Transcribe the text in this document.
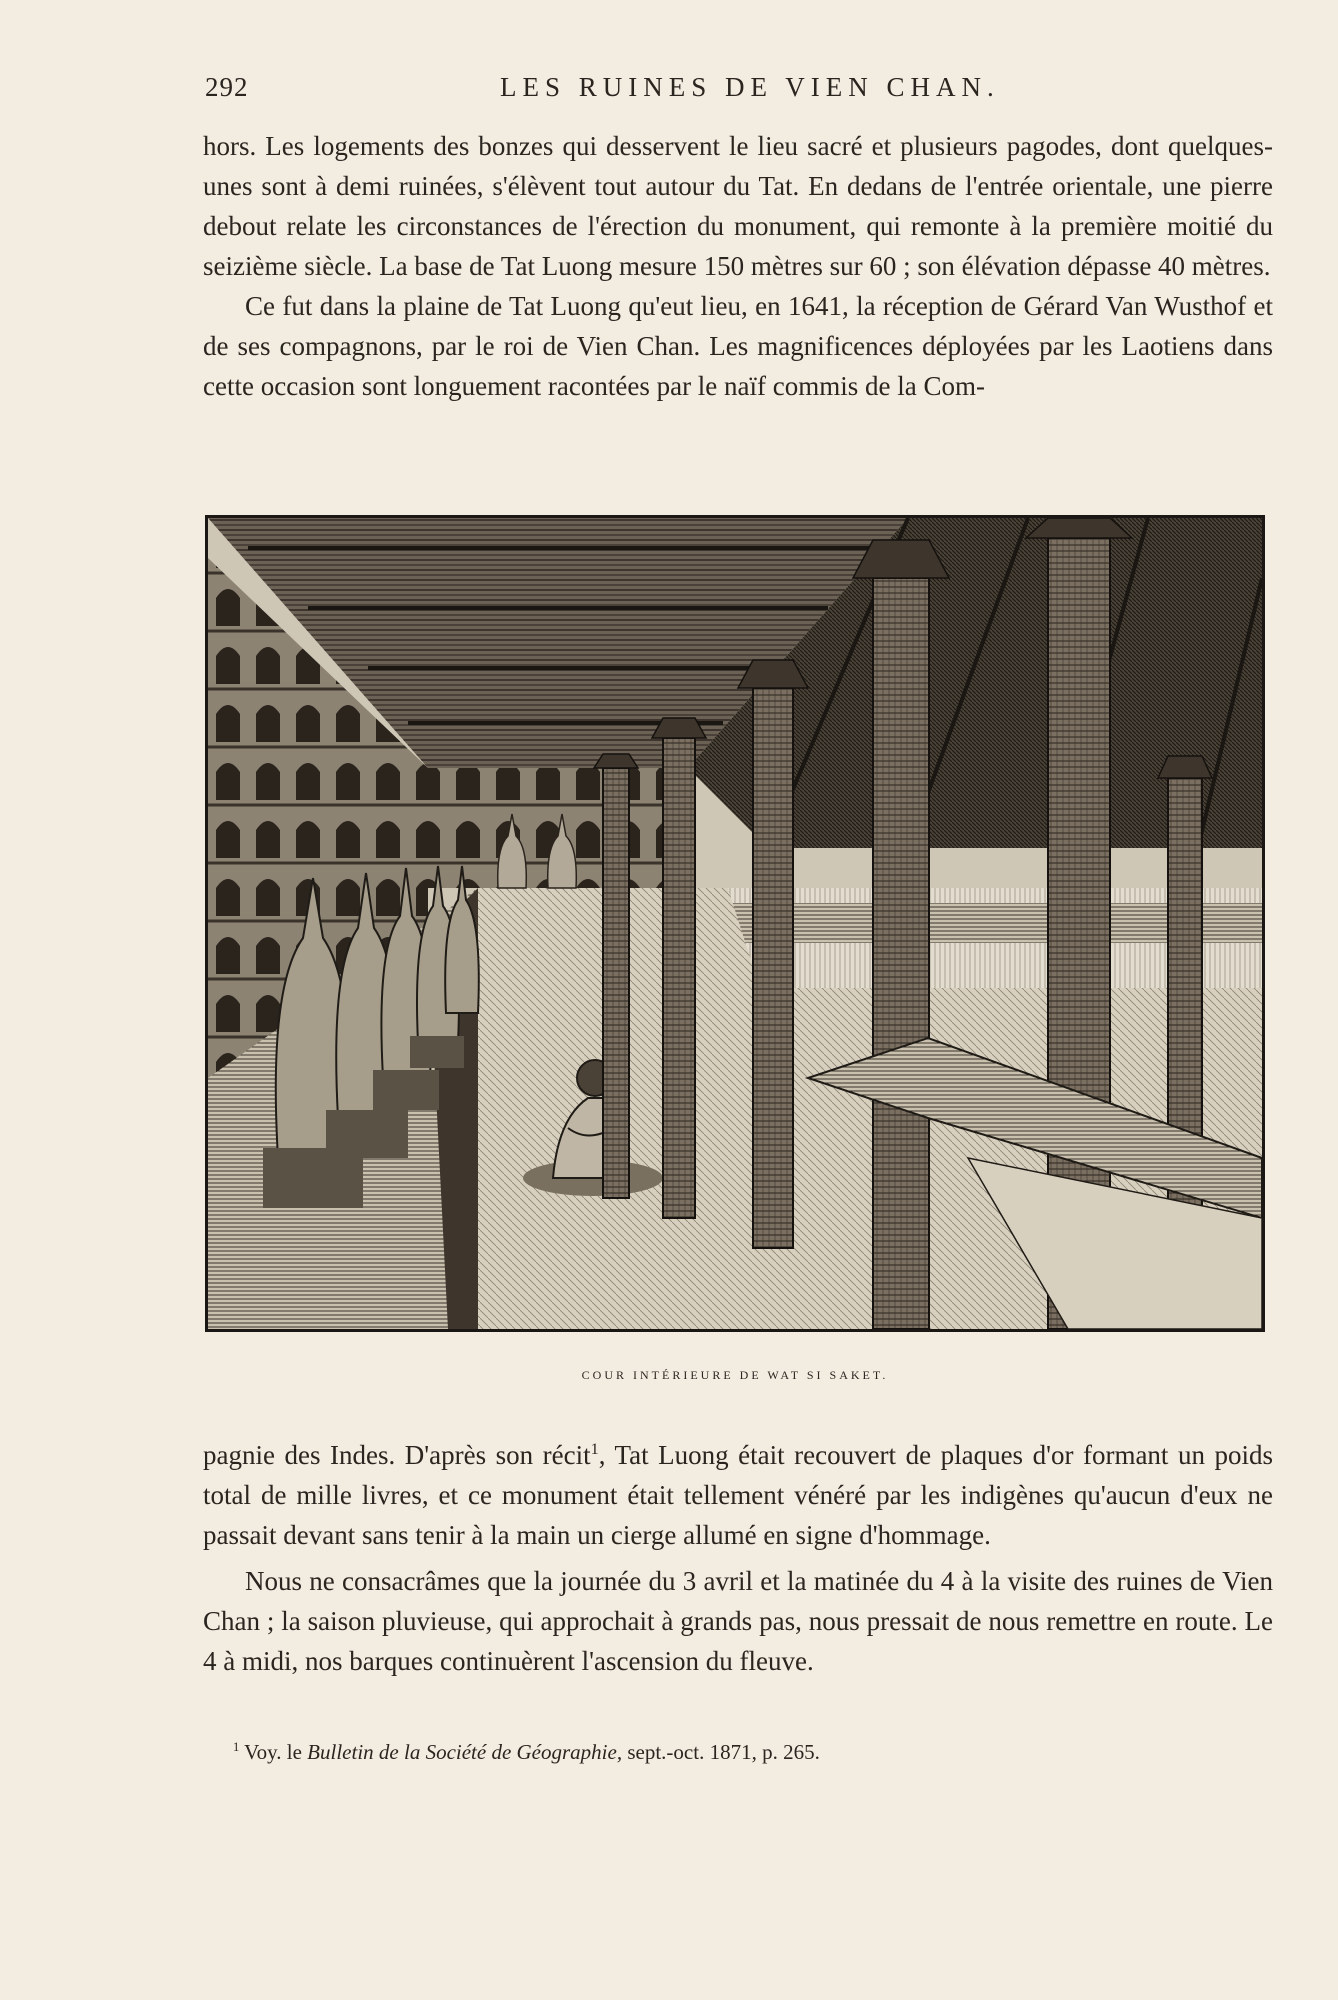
292	LES RUINES DE VIEN CHAN.

hors. Les logements des bonzes qui desservent le lieu sacré et plusieurs pagodes, dont quelques-unes sont à demi ruinées, s'élèvent tout autour du Tat. En dedans de l'entrée orientale, une pierre debout relate les circonstances de l'érection du monument, qui remonte à la première moitié du seizième siècle. La base de Tat Luong mesure 150 mètres sur 60 ; son élévation dépasse 40 mètres.

Ce fut dans la plaine de Tat Luong qu'eut lieu, en 1641, la réception de Gérard Van Wusthof et de ses compagnons, par le roi de Vien Chan. Les magnificences déployées par les Laotiens dans cette occasion sont longuement racontées par le naïf commis de la Com-

COUR INTÉRIEURE DE WAT SI SAKET.

pagnie des Indes. D'après son récit$^1$, Tat Luong était recouvert de plaques d'or formant un poids total de mille livres, et ce monument était tellement vénéré par les indigènes qu'aucun d'eux ne passait devant sans tenir à la main un cierge allumé en signe d'hommage.

Nous ne consacrâmes que la journée du 3 avril et la matinée du 4 à la visite des ruines de Vien Chan ; la saison pluvieuse, qui approchait à grands pas, nous pressait de nous remettre en route. Le 4 à midi, nos barques continuèrent l'ascension du fleuve.

$^1$ Voy. le Bulletin de la Société de Géographie, sept.-oct. 1871, p. 265.
